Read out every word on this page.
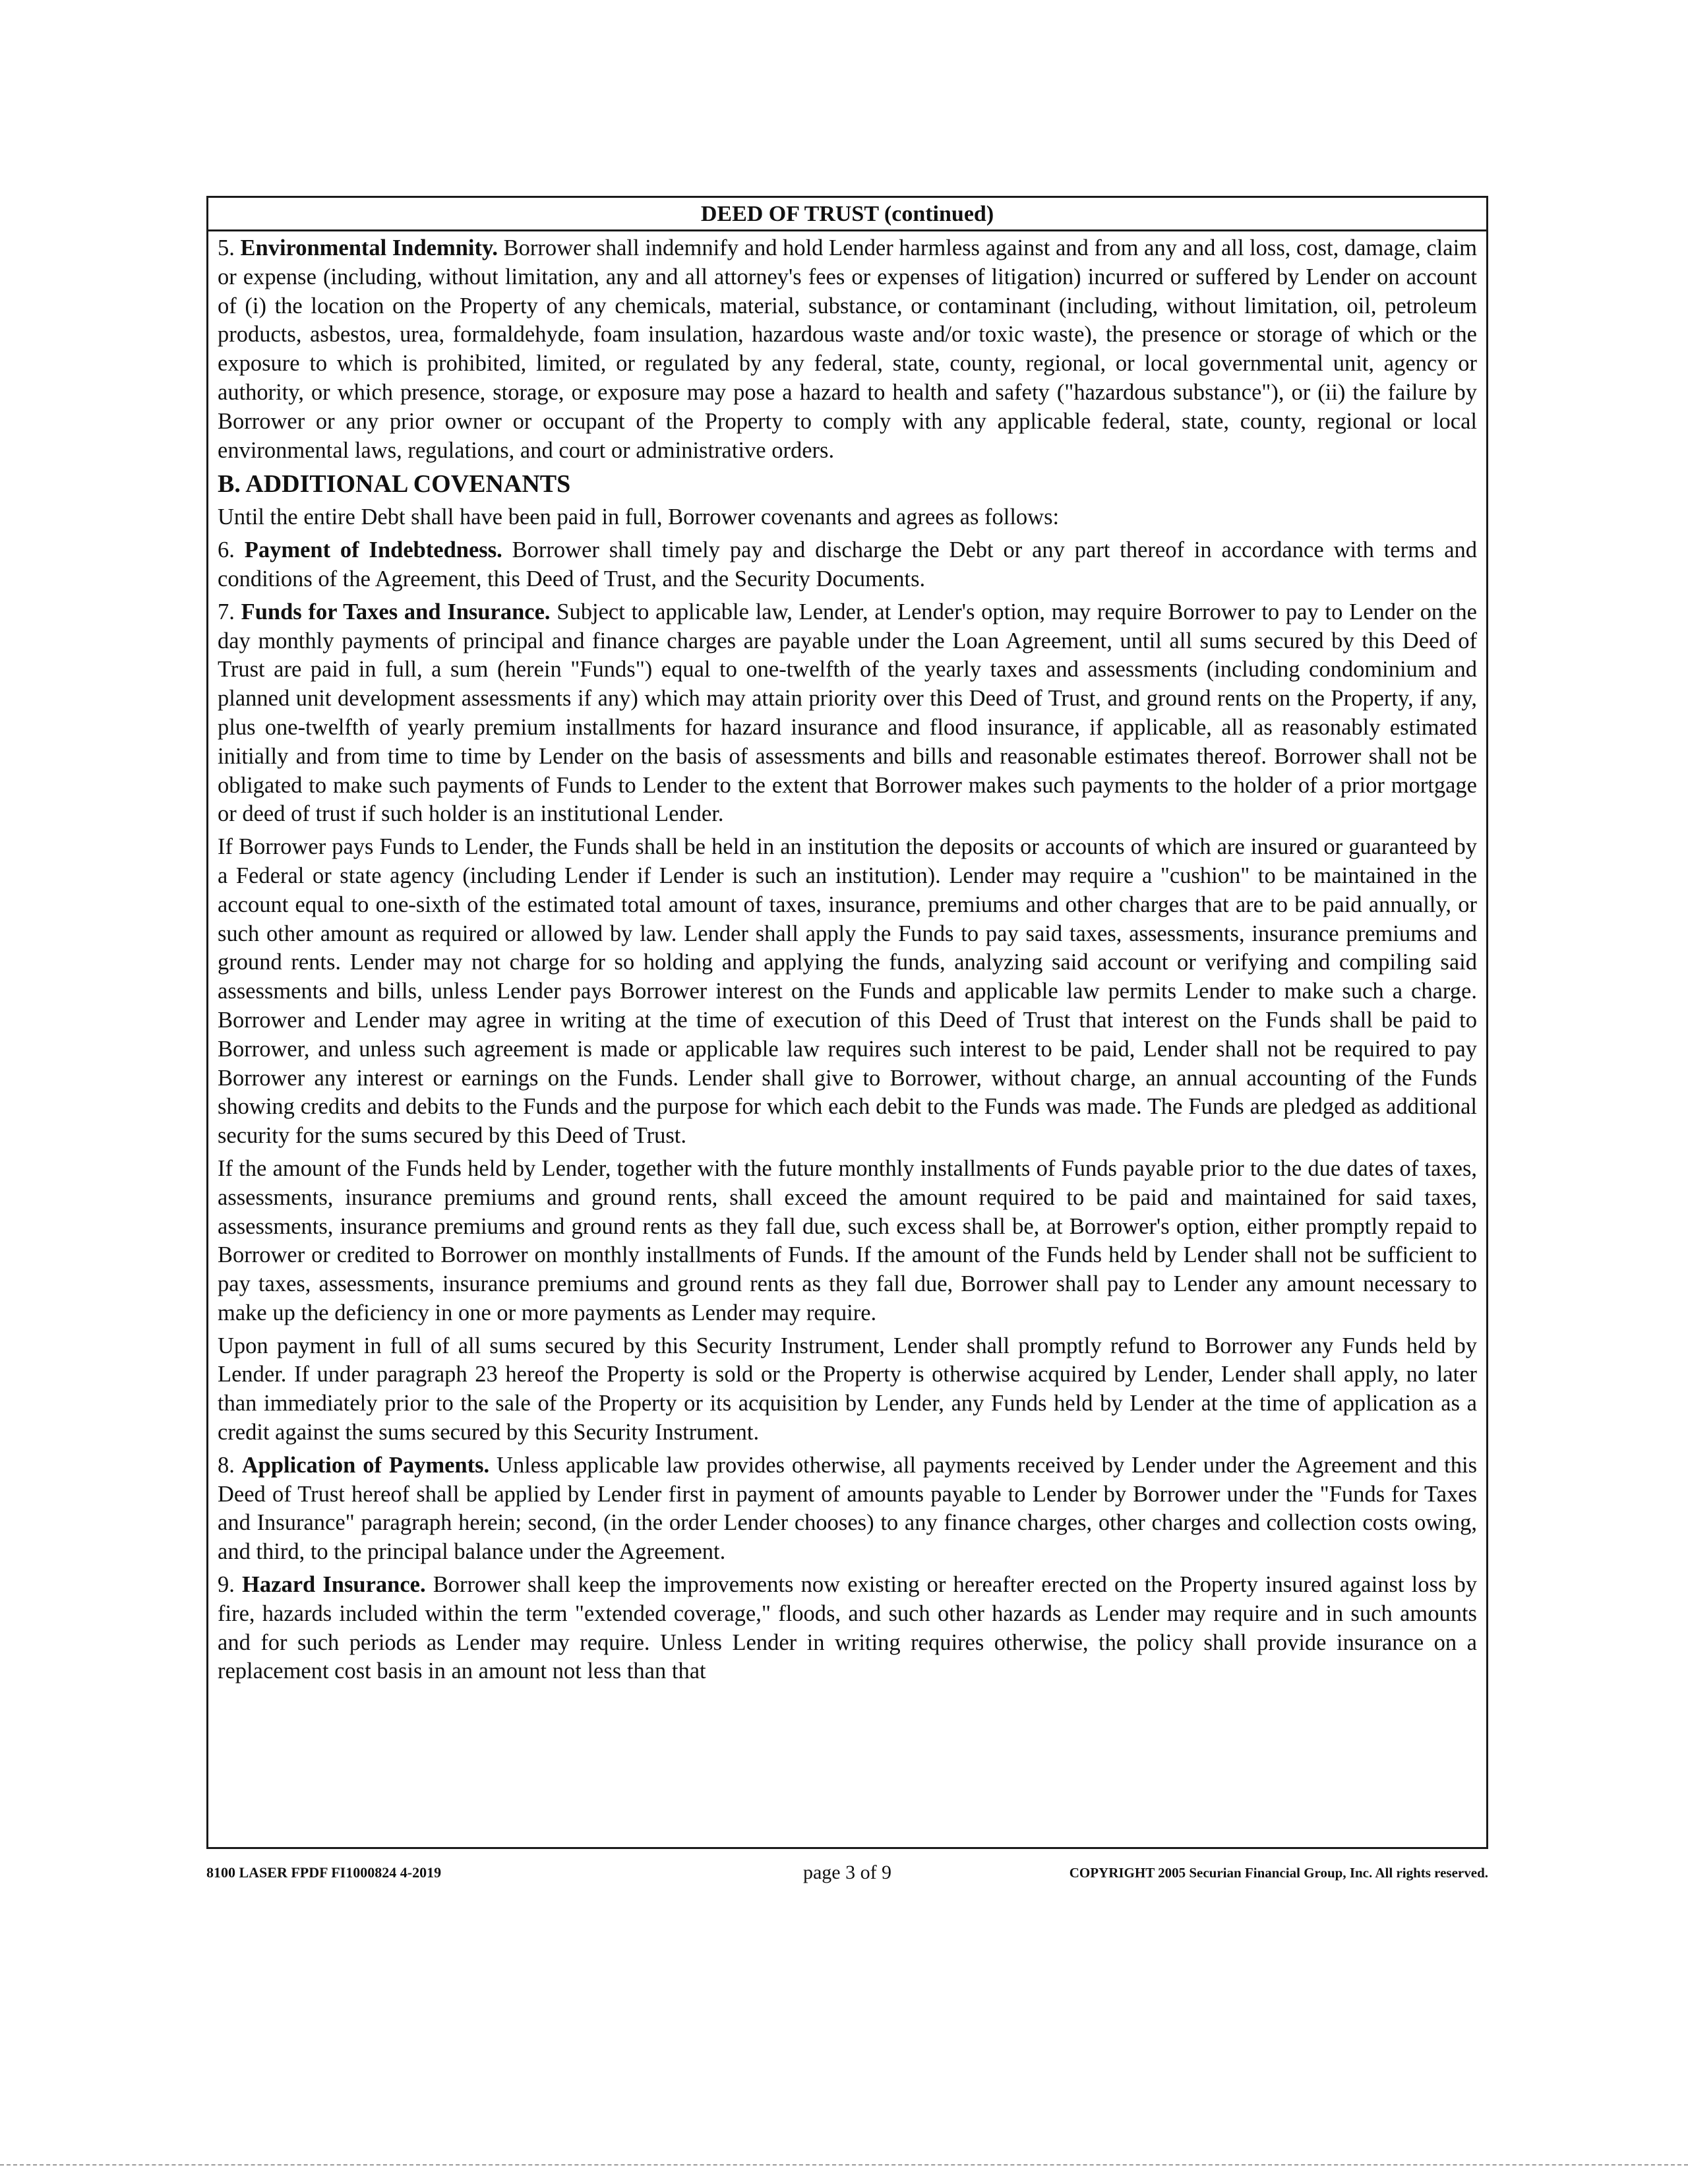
DEED OF TRUST (continued)

5. Environmental Indemnity. Borrower shall indemnify and hold Lender harmless against and from any and all loss, cost, damage, claim or expense (including, without limitation, any and all attorney's fees or expenses of litigation) incurred or suffered by Lender on account of (i) the location on the Property of any chemicals, material, substance, or contaminant (including, without limitation, oil, petroleum products, asbestos, urea, formaldehyde, foam insulation, hazardous waste and/or toxic waste), the presence or storage of which or the exposure to which is prohibited, limited, or regulated by any federal, state, county, regional, or local governmental unit, agency or authority, or which presence, storage, or exposure may pose a hazard to health and safety ("hazardous substance"), or (ii) the failure by Borrower or any prior owner or occupant of the Property to comply with any applicable federal, state, county, regional or local environmental laws, regulations, and court or administrative orders.

B. ADDITIONAL COVENANTS

Until the entire Debt shall have been paid in full, Borrower covenants and agrees as follows:

6. Payment of Indebtedness. Borrower shall timely pay and discharge the Debt or any part thereof in accordance with terms and conditions of the Agreement, this Deed of Trust, and the Security Documents.

7. Funds for Taxes and Insurance. Subject to applicable law, Lender, at Lender's option, may require Borrower to pay to Lender on the day monthly payments of principal and finance charges are payable under the Loan Agreement, until all sums secured by this Deed of Trust are paid in full, a sum (herein "Funds") equal to one-twelfth of the yearly taxes and assessments (including condominium and planned unit development assessments if any) which may attain priority over this Deed of Trust, and ground rents on the Property, if any, plus one-twelfth of yearly premium installments for hazard insurance and flood insurance, if applicable, all as reasonably estimated initially and from time to time by Lender on the basis of assessments and bills and reasonable estimates thereof. Borrower shall not be obligated to make such payments of Funds to Lender to the extent that Borrower makes such payments to the holder of a prior mortgage or deed of trust if such holder is an institutional Lender.

If Borrower pays Funds to Lender, the Funds shall be held in an institution the deposits or accounts of which are insured or guaranteed by a Federal or state agency (including Lender if Lender is such an institution). Lender may require a "cushion" to be maintained in the account equal to one-sixth of the estimated total amount of taxes, insurance, premiums and other charges that are to be paid annually, or such other amount as required or allowed by law. Lender shall apply the Funds to pay said taxes, assessments, insurance premiums and ground rents. Lender may not charge for so holding and applying the funds, analyzing said account or verifying and compiling said assessments and bills, unless Lender pays Borrower interest on the Funds and applicable law permits Lender to make such a charge. Borrower and Lender may agree in writing at the time of execution of this Deed of Trust that interest on the Funds shall be paid to Borrower, and unless such agreement is made or applicable law requires such interest to be paid, Lender shall not be required to pay Borrower any interest or earnings on the Funds. Lender shall give to Borrower, without charge, an annual accounting of the Funds showing credits and debits to the Funds and the purpose for which each debit to the Funds was made. The Funds are pledged as additional security for the sums secured by this Deed of Trust.

If the amount of the Funds held by Lender, together with the future monthly installments of Funds payable prior to the due dates of taxes, assessments, insurance premiums and ground rents, shall exceed the amount required to be paid and maintained for said taxes, assessments, insurance premiums and ground rents as they fall due, such excess shall be, at Borrower's option, either promptly repaid to Borrower or credited to Borrower on monthly installments of Funds. If the amount of the Funds held by Lender shall not be sufficient to pay taxes, assessments, insurance premiums and ground rents as they fall due, Borrower shall pay to Lender any amount necessary to make up the deficiency in one or more payments as Lender may require.

Upon payment in full of all sums secured by this Security Instrument, Lender shall promptly refund to Borrower any Funds held by Lender. If under paragraph 23 hereof the Property is sold or the Property is otherwise acquired by Lender, Lender shall apply, no later than immediately prior to the sale of the Property or its acquisition by Lender, any Funds held by Lender at the time of application as a credit against the sums secured by this Security Instrument.

8. Application of Payments. Unless applicable law provides otherwise, all payments received by Lender under the Agreement and this Deed of Trust hereof shall be applied by Lender first in payment of amounts payable to Lender by Borrower under the "Funds for Taxes and Insurance" paragraph herein; second, (in the order Lender chooses) to any finance charges, other charges and collection costs owing, and third, to the principal balance under the Agreement.

9. Hazard Insurance. Borrower shall keep the improvements now existing or hereafter erected on the Property insured against loss by fire, hazards included within the term "extended coverage," floods, and such other hazards as Lender may require and in such amounts and for such periods as Lender may require. Unless Lender in writing requires otherwise, the policy shall provide insurance on a replacement cost basis in an amount not less than that

8100 LASER FPDF FI1000824 4-2019	page 3 of 9	COPYRIGHT 2005 Securian Financial Group, Inc. All rights reserved.
